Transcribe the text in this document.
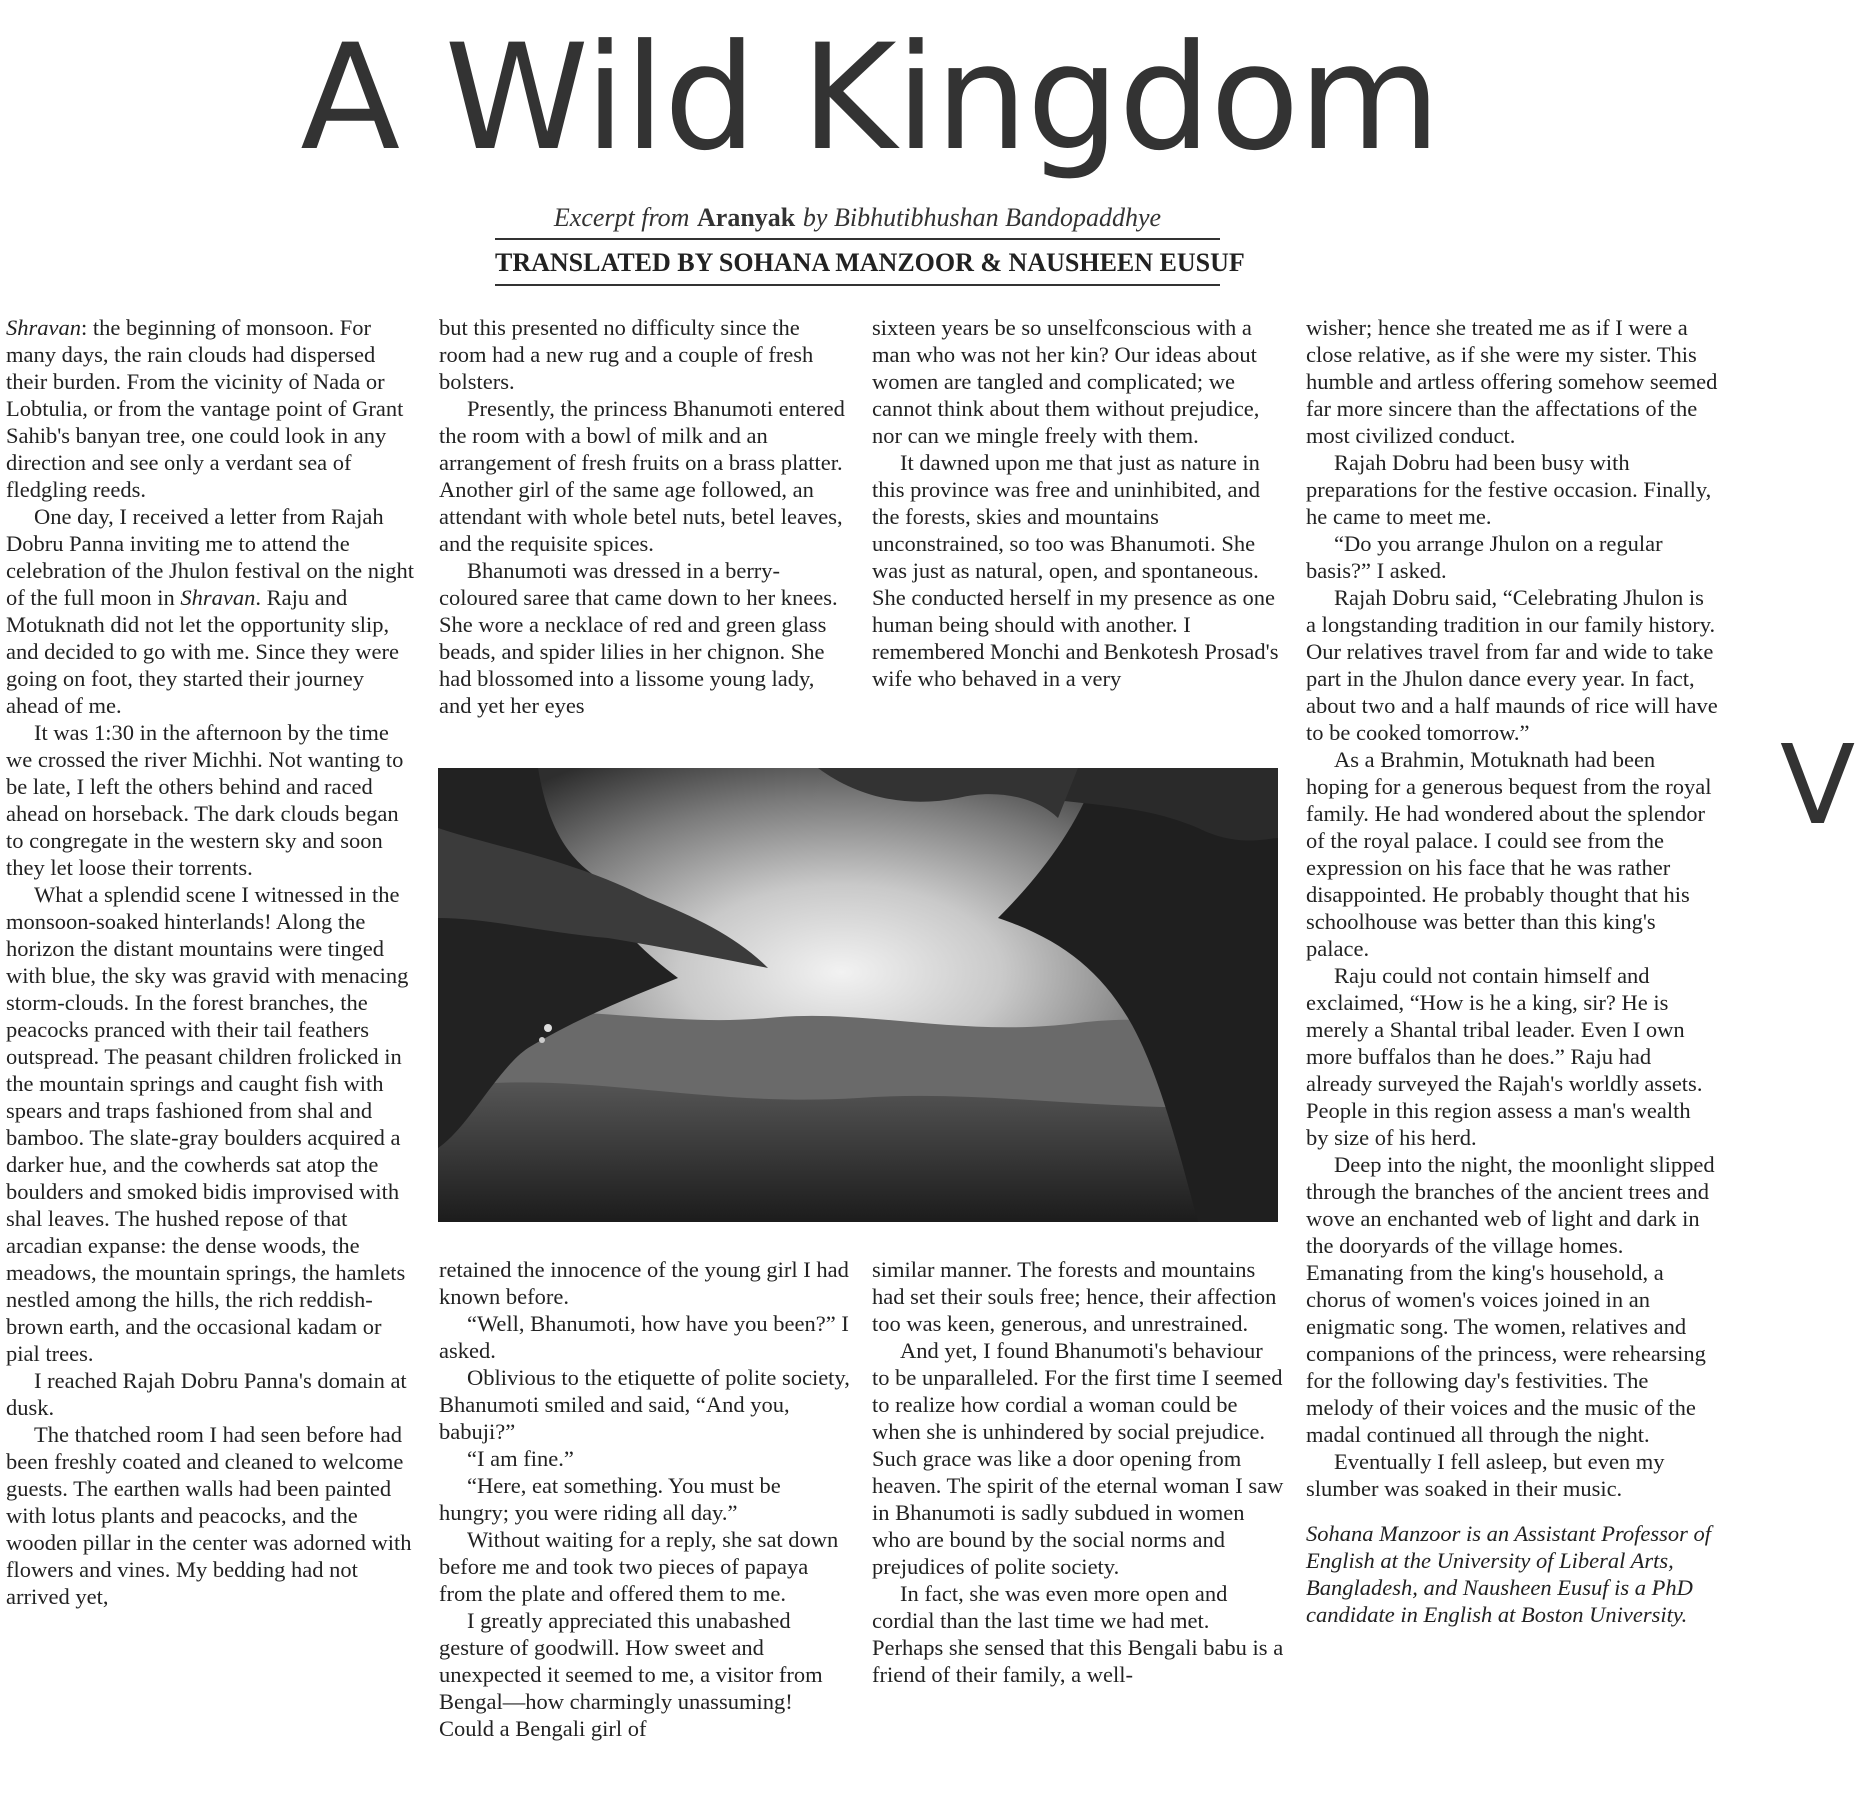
A Wild Kingdom
Excerpt from Aranyak by Bibhutibhushan Bandopaddhye
TRANSLATED BY SOHANA MANZOOR & NAUSHEEN EUSUF

Shravan: the beginning of monsoon. For many days, the rain clouds had dispersed their burden. From the vicinity of Nada or Lobtulia, or from the vantage point of Grant Sahib's banyan tree, one could look in any direction and see only a verdant sea of fledgling reeds.

One day, I received a letter from Rajah Dobru Panna inviting me to attend the celebration of the Jhulon festival on the night of the full moon in Shravan. Raju and Motuknath did not let the opportunity slip, and decided to go with me. Since they were going on foot, they started their journey ahead of me.

It was 1:30 in the afternoon by the time we crossed the river Michhi. Not wanting to be late, I left the others behind and raced ahead on horseback. The dark clouds began to congregate in the western sky and soon they let loose their torrents.

What a splendid scene I witnessed in the monsoon-soaked hinterlands! Along the horizon the distant mountains were tinged with blue, the sky was gravid with menacing storm-clouds. In the forest branches, the peacocks pranced with their tail feathers outspread. The peasant children frolicked in the mountain springs and caught fish with spears and traps fashioned from shal and bamboo. The slate-gray boulders acquired a darker hue, and the cowherds sat atop the boulders and smoked bidis improvised with shal leaves. The hushed repose of that arcadian expanse: the dense woods, the meadows, the mountain springs, the hamlets nestled among the hills, the rich reddish-brown earth, and the occasional kadam or pial trees.

I reached Rajah Dobru Panna's domain at dusk.

The thatched room I had seen before had been freshly coated and cleaned to welcome guests. The earthen walls had been painted with lotus plants and peacocks, and the wooden pillar in the center was adorned with flowers and vines. My bedding had not arrived yet,

but this presented no difficulty since the room had a new rug and a couple of fresh bolsters.

Presently, the princess Bhanumoti entered the room with a bowl of milk and an arrangement of fresh fruits on a brass platter. Another girl of the same age followed, an attendant with whole betel nuts, betel leaves, and the requisite spices.

Bhanumoti was dressed in a berry-coloured saree that came down to her knees. She wore a necklace of red and green glass beads, and spider lilies in her chignon. She had blossomed into a lissome young lady, and yet her eyes

sixteen years be so unselfconscious with a man who was not her kin? Our ideas about women are tangled and complicated; we cannot think about them without prejudice, nor can we mingle freely with them.

It dawned upon me that just as nature in this province was free and uninhibited, and the forests, skies and mountains unconstrained, so too was Bhanumoti. She was just as natural, open, and spontaneous. She conducted herself in my presence as one human being should with another. I remembered Monchi and Benkotesh Prosad's wife who behaved in a very

retained the innocence of the young girl I had known before.

“Well, Bhanumoti, how have you been?” I asked.

Oblivious to the etiquette of polite society, Bhanumoti smiled and said, “And you, babuji?”

“I am fine.”

“Here, eat something. You must be hungry; you were riding all day.”

Without waiting for a reply, she sat down before me and took two pieces of papaya from the plate and offered them to me.

I greatly appreciated this unabashed gesture of goodwill. How sweet and unexpected it seemed to me, a visitor from Bengal—how charmingly unassuming! Could a Bengali girl of

similar manner. The forests and mountains had set their souls free; hence, their affection too was keen, generous, and unrestrained.

And yet, I found Bhanumoti's behaviour to be unparalleled. For the first time I seemed to realize how cordial a woman could be when she is unhindered by social prejudice. Such grace was like a door opening from heaven. The spirit of the eternal woman I saw in Bhanumoti is sadly subdued in women who are bound by the social norms and prejudices of polite society.

In fact, she was even more open and cordial than the last time we had met. Perhaps she sensed that this Bengali babu is a friend of their family, a well-

wisher; hence she treated me as if I were a close relative, as if she were my sister. This humble and artless offering somehow seemed far more sincere than the affectations of the most civilized conduct.

Rajah Dobru had been busy with preparations for the festive occasion. Finally, he came to meet me.

“Do you arrange Jhulon on a regular basis?” I asked.

Rajah Dobru said, “Celebrating Jhulon is a longstanding tradition in our family history. Our relatives travel from far and wide to take part in the Jhulon dance every year. In fact, about two and a half maunds of rice will have to be cooked tomorrow.”

As a Brahmin, Motuknath had been hoping for a generous bequest from the royal family. He had wondered about the splendor of the royal palace. I could see from the expression on his face that he was rather disappointed. He probably thought that his schoolhouse was better than this king's palace.

Raju could not contain himself and exclaimed, “How is he a king, sir? He is merely a Shantal tribal leader. Even I own more buffalos than he does.” Raju had already surveyed the Rajah's worldly assets. People in this region assess a man's wealth by size of his herd.

Deep into the night, the moonlight slipped through the branches of the ancient trees and wove an enchanted web of light and dark in the dooryards of the village homes. Emanating from the king's household, a chorus of women's voices joined in an enigmatic song. The women, relatives and companions of the princess, were rehearsing for the following day's festivities. The melody of their voices and the music of the madal continued all through the night.

Eventually I fell asleep, but even my slumber was soaked in their music.

Sohana Manzoor is an Assistant Professor of English at the University of Liberal Arts, Bangladesh, and Nausheen Eusuf is a PhD candidate in English at Boston University.

V
